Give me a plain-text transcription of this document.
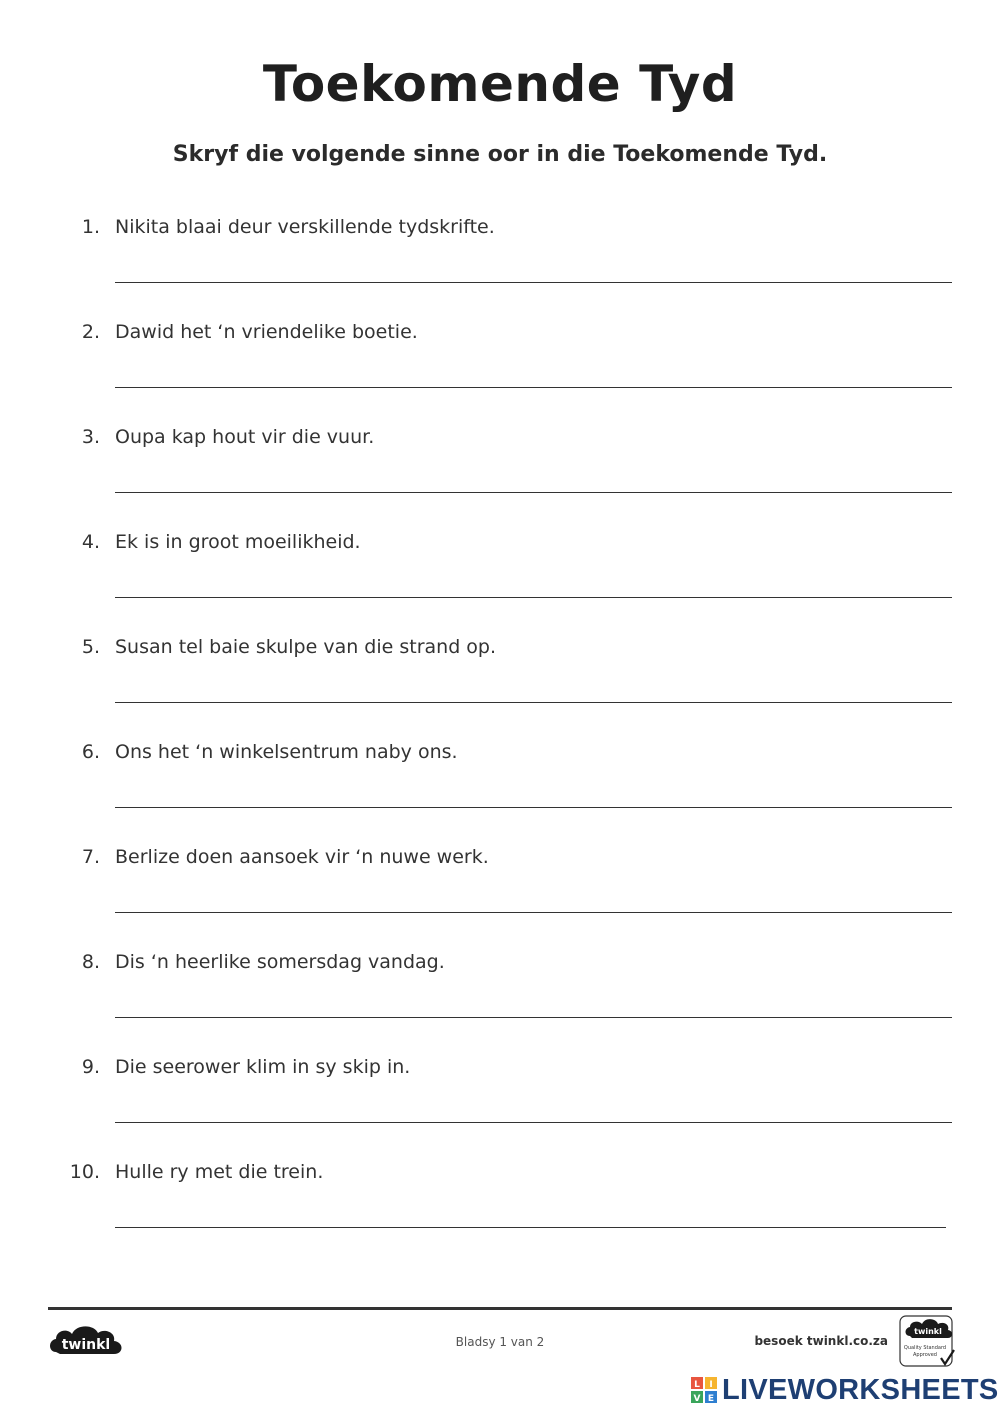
Toekomende Tyd
Skryf die volgende sinne oor in die Toekomende Tyd.
1. Nikita blaai deur verskillende tydskrifte.
2. Dawid het ‘n vriendelike boetie.
3. Oupa kap hout vir die vuur.
4. Ek is in groot moeilikheid.
5. Susan tel baie skulpe van die strand op.
6. Ons het ‘n winkelsentrum naby ons.
7. Berlize doen aansoek vir ‘n nuwe werk.
8. Dis ‘n heerlike somersdag vandag.
9. Die seerower klim in sy skip in.
10. Hulle ry met die trein.
twinkl	Bladsy 1 van 2	besoek twinkl.co.za
twinkl
Quality Standard
Approved
L I
V E LIVEWORKSHEETS
